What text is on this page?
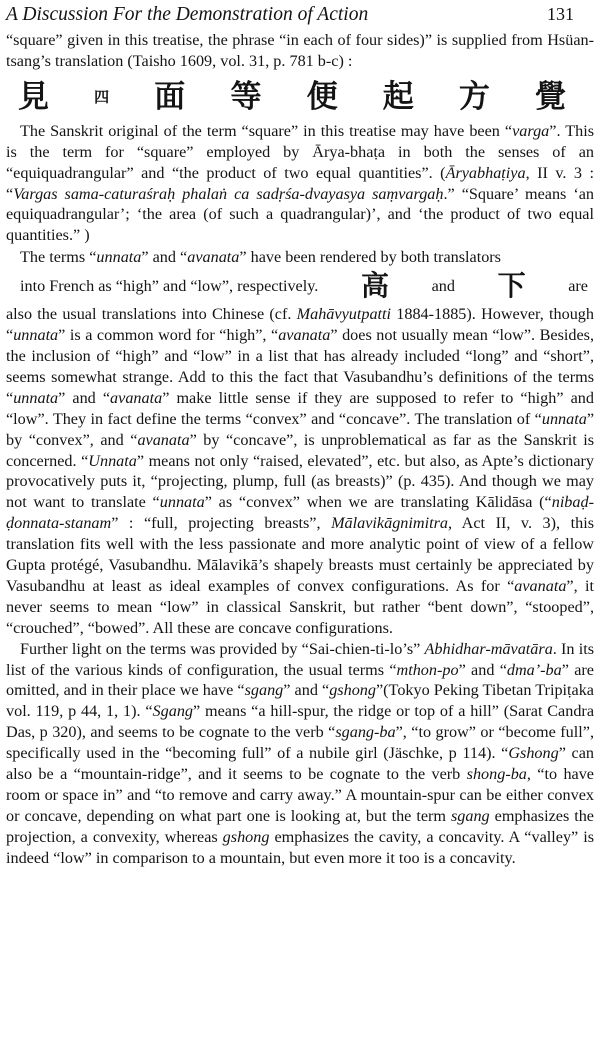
A Discussion For the Demonstration of Action	131

“square” given in this treatise, the phrase “in each of four sides)” is supplied from Hsüan-tsang’s translation (Taisho 1609, vol. 31, p. 781 b-c) :

見	四 面 等 便 起 方 覺

The Sanskrit original of the term “square” in this treatise may have been “varga”. This is the term for “square” employed by Ārya-bhaṭa in both the senses of an “equiquadrangular” and “the product of two equal quantities”. (Āryabhaṭiya, II v. 3 : “Vargas sama-caturaśraḥ phalaṅ ca sadṛśa-dvayasya saṃvargaḥ.” “Square’ means ‘an equiquadrangular’; ‘the area (of such a quadrangular)’, and ‘the product of two equal quantities.” )

The terms “unnata” and “avanata” have been rendered by both translators

into French as “high” and “low”, respectively. 高	and 下	are

also the usual translations into Chinese (cf. Mahāvyutpatti 1884-1885). However, though “unnata” is a common word for “high”, “avanata” does not usually mean “low”. Besides, the inclusion of “high” and “low” in a list that has already included “long” and “short”, seems somewhat strange. Add to this the fact that Vasubandhu’s definitions of the terms “unnata” and “avanata” make little sense if they are supposed to refer to “high” and “low”. They in fact define the terms “convex” and “concave”. The translation of “unnata” by “convex”, and “avanata” by “concave”, is unproblematical as far as the Sanskrit is concerned. “Unnata” means not only “raised, elevated”, etc. but also, as Apte’s dictionary provocatively puts it, “projecting, plump, full (as breasts)” (p. 435). And though we may not want to translate “unnata” as “convex” when we are translating Kālidāsa (“nibaḍ-ḍonnata-stanam” : “full, projecting breasts”, Mālavikāgnimitra, Act II, v. 3), this translation fits well with the less passionate and more analytic point of view of a fellow Gupta protégé, Vasubandhu. Mālavikā’s shapely breasts must certainly be appreciated by Vasubandhu at least as ideal examples of convex configurations. As for “avanata”, it never seems to mean “low” in classical Sanskrit, but rather “bent down”, “stooped”, “crouched”, “bowed”. All these are concave configurations.

Further light on the terms was provided by “Sai-chien-ti-lo’s” Abhidhar-māvatāra. In its list of the various kinds of configuration, the usual terms “mthon-po” and “dma’-ba” are omitted, and in their place we have “sgang” and “gshong”(Tokyo Peking Tibetan Tripiṭaka vol. 119, p 44, 1, 1). “Sgang” means “a hill-spur, the ridge or top of a hill” (Sarat Candra Das, p 320), and seems to be cognate to the verb “sgang-ba”, “to grow” or “become full”, specifically used in the “becoming full” of a nubile girl (Jäschke, p 114). “Gshong” can also be a “mountain-ridge”, and it seems to be cognate to the verb shong-ba, “to have room or space in” and “to remove and carry away.” A mountain-spur can be either convex or concave, depending on what part one is looking at, but the term sgang emphasizes the projection, a convexity, whereas gshong emphasizes the cavity, a concavity. A “valley” is indeed “low” in comparison to a mountain, but even more it too is a concavity.
